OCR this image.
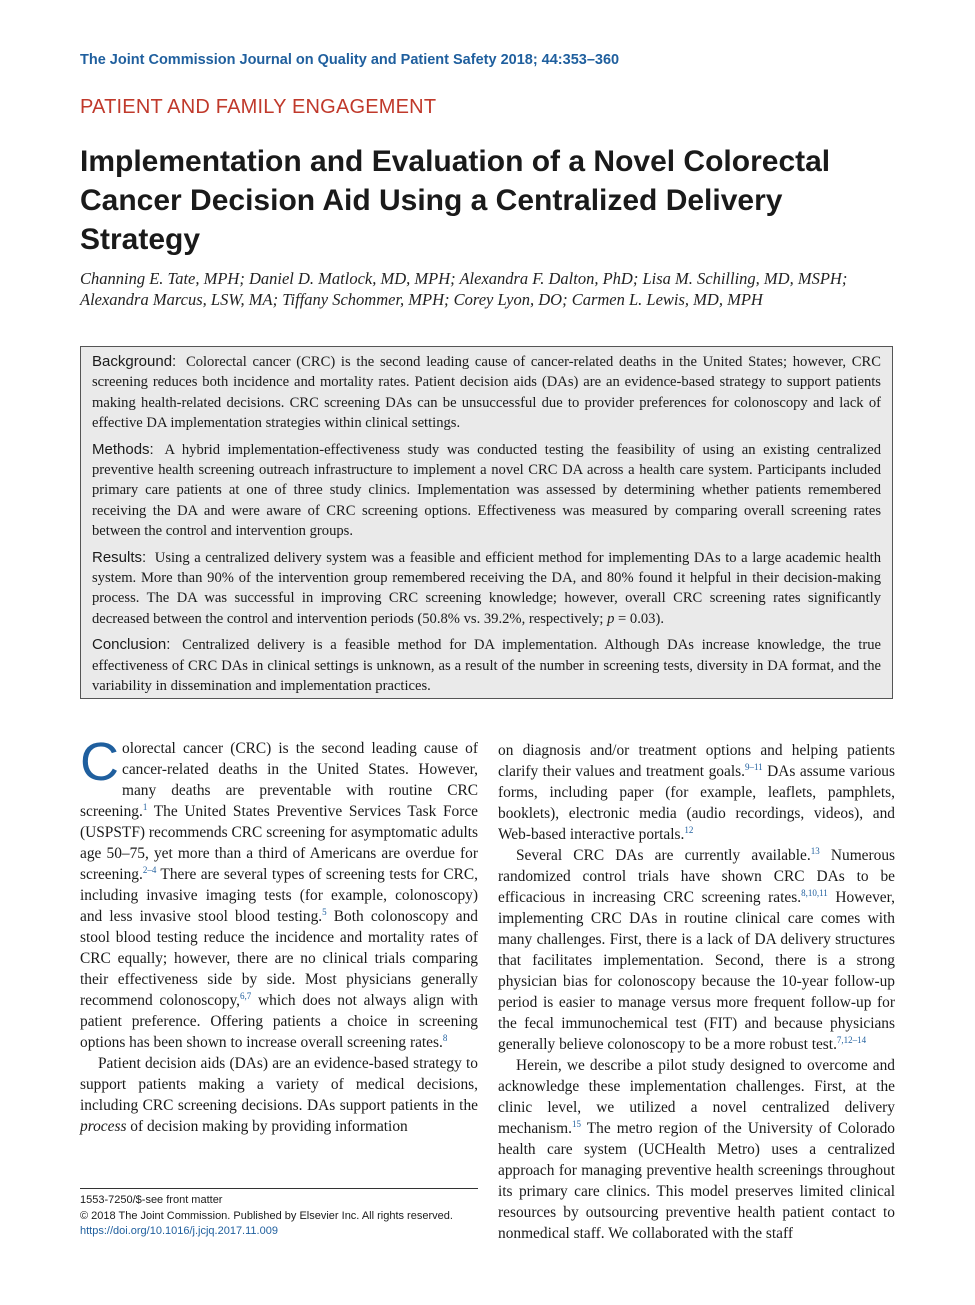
The Joint Commission Journal on Quality and Patient Safety 2018; 44:353–360
PATIENT AND FAMILY ENGAGEMENT
Implementation and Evaluation of a Novel Colorectal Cancer Decision Aid Using a Centralized Delivery Strategy
Channing E. Tate, MPH; Daniel D. Matlock, MD, MPH; Alexandra F. Dalton, PhD; Lisa M. Schilling, MD, MSPH;
Alexandra Marcus, LSW, MA; Tiffany Schommer, MPH; Corey Lyon, DO; Carmen L. Lewis, MD, MPH

Background: Colorectal cancer (CRC) is the second leading cause of cancer-related deaths in the United States; however, CRC screening reduces both incidence and mortality rates. Patient decision aids (DAs) are an evidence-based strategy to support patients making health-related decisions. CRC screening DAs can be unsuccessful due to provider preferences for colonoscopy and lack of effective DA implementation strategies within clinical settings.

Methods: A hybrid implementation-effectiveness study was conducted testing the feasibility of using an existing centralized preventive health screening outreach infrastructure to implement a novel CRC DA across a health care system. Participants included primary care patients at one of three study clinics. Implementation was assessed by determining whether patients remembered receiving the DA and were aware of CRC screening options. Effectiveness was measured by comparing overall screening rates between the control and intervention groups.

Results: Using a centralized delivery system was a feasible and efficient method for implementing DAs to a large academic health system. More than 90% of the intervention group remembered receiving the DA, and 80% found it helpful in their decision-making process. The DA was successful in improving CRC screening knowledge; however, overall CRC screening rates significantly decreased between the control and intervention periods (50.8% vs. 39.2%, respectively; p = 0.03).

Conclusion: Centralized delivery is a feasible method for DA implementation. Although DAs increase knowledge, the true effectiveness of CRC DAs in clinical settings is unknown, as a result of the number in screening tests, diversity in DA format, and the variability in dissemination and implementation practices.

Colorectal cancer (CRC) is the second leading cause of cancer-related deaths in the United States. However, many deaths are preventable with routine CRC screening.$^1$ The United States Preventive Services Task Force (USPSTF) recommends CRC screening for asymptomatic adults age 50–75, yet more than a third of Americans are overdue for screening.$^{2-4}$ There are several types of screening tests for CRC, including invasive imaging tests (for example, colonoscopy) and less invasive stool blood testing.$^5$ Both colonoscopy and stool blood testing reduce the incidence and mortality rates of CRC equally; however, there are no clinical trials comparing their effectiveness side by side. Most physicians generally recommend colonoscopy,$^{6,7}$ which does not always align with patient preference. Offering patients a choice in screening options has been shown to increase overall screening rates.$^8$

Patient decision aids (DAs) are an evidence-based strategy to support patients making a variety of medical decisions, including CRC screening decisions. DAs support patients in the process of decision making by providing information

on diagnosis and/or treatment options and helping patients clarify their values and treatment goals.$^{9-11}$ DAs assume various forms, including paper (for example, leaflets, pamphlets, booklets), electronic media (audio recordings, videos), and Web-based interactive portals.$^{12}$

Several CRC DAs are currently available.$^{13}$ Numerous randomized control trials have shown CRC DAs to be efficacious in increasing CRC screening rates.$^{8,10,11}$ However, implementing CRC DAs in routine clinical care comes with many challenges. First, there is a lack of DA delivery structures that facilitates implementation. Second, there is a strong physician bias for colonoscopy because the 10-year follow-up period is easier to manage versus more frequent follow-up for the fecal immunochemical test (FIT) and because physicians generally believe colonoscopy to be a more robust test.$^{7,12-14}$

Herein, we describe a pilot study designed to overcome and acknowledge these implementation challenges. First, at the clinic level, we utilized a novel centralized delivery mechanism.$^{15}$ The metro region of the University of Colorado health care system (UCHealth Metro) uses a centralized approach for managing preventive health screenings throughout its primary care clinics. This model preserves limited clinical resources by outsourcing preventive health patient contact to nonmedical staff. We collaborated with the staff

1553-7250/$-see front matter
© 2018 The Joint Commission. Published by Elsevier Inc. All rights reserved.
https://doi.org/10.1016/j.jcjq.2017.11.009
